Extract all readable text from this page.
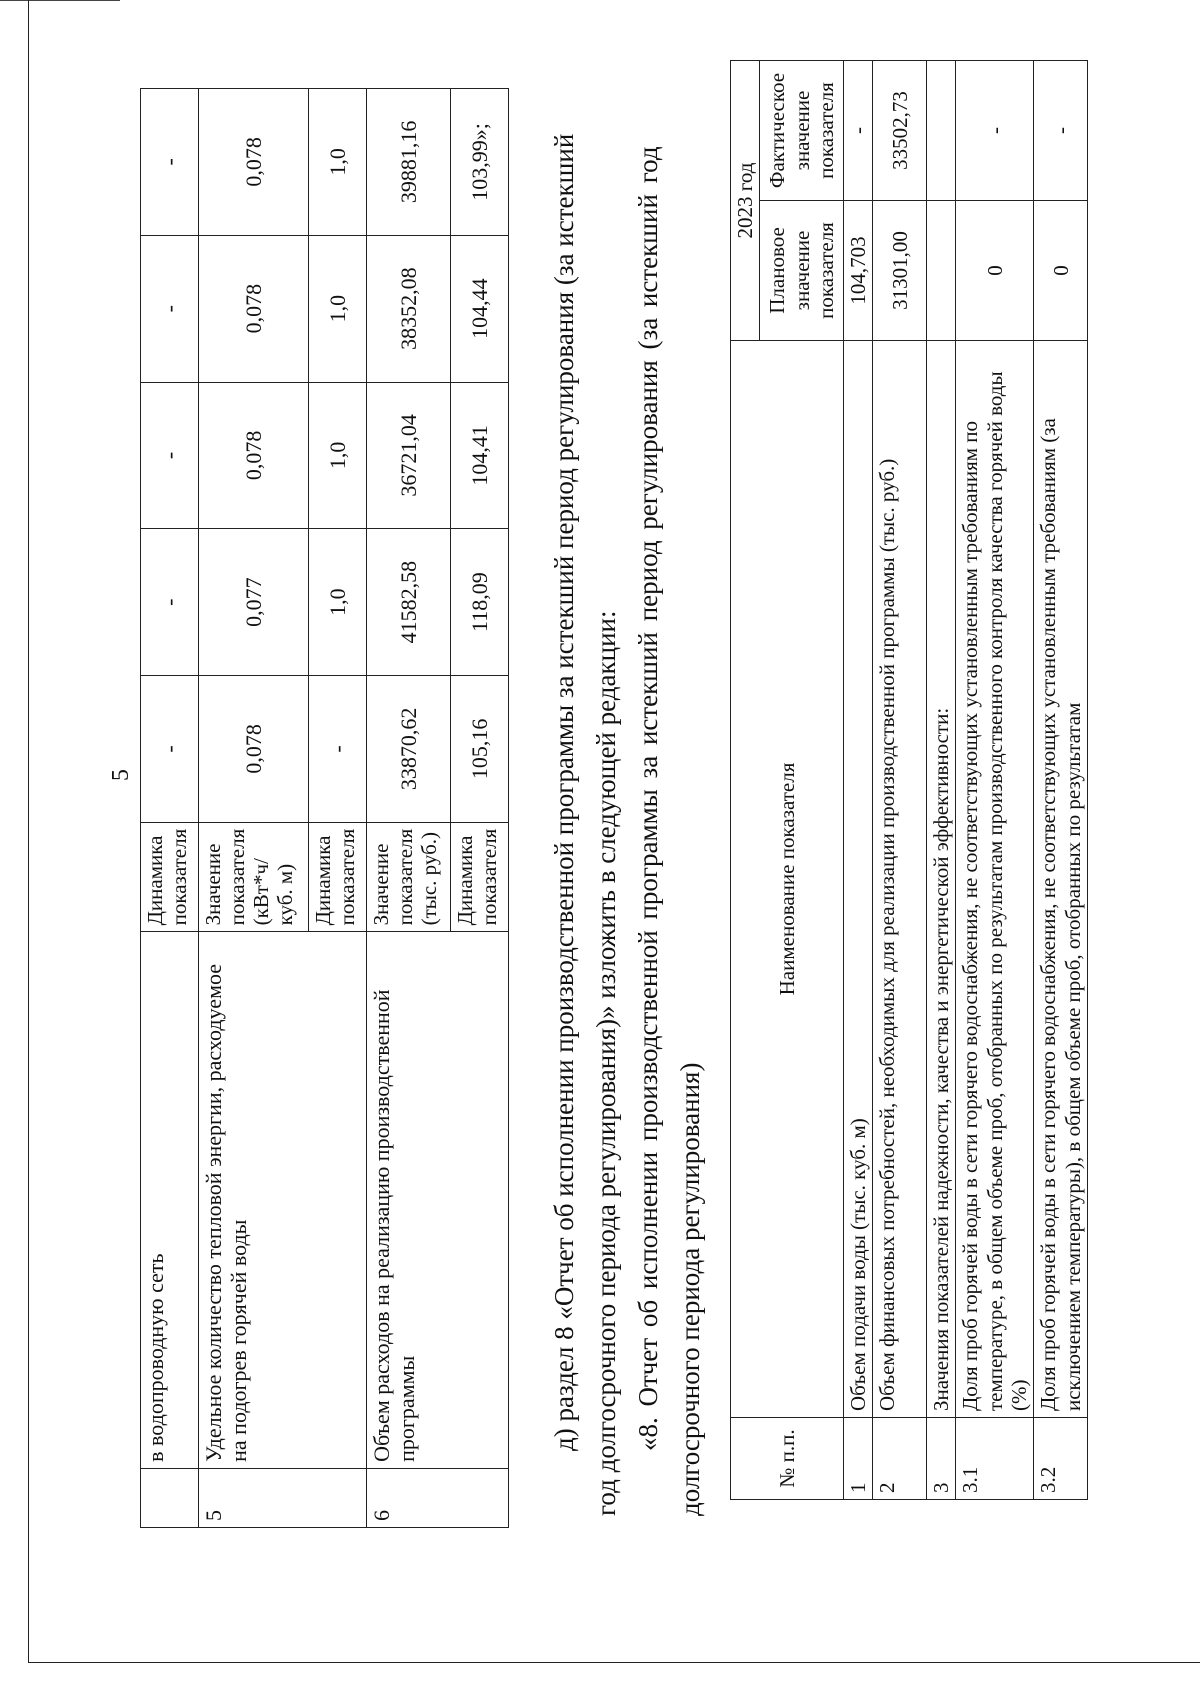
5
	в водопроводную сеть	Динамика показателя	-	-	-	-	-
5	Удельное количество тепловой энергии, расходуемое на подогрев горячей воды	Значение показателя (кВт*ч/куб. м)	0,078	0,077	0,078	0,078	0,078
		Динамика показателя	-	1,0	1,0	1,0	1,0
6	Объем расходов на реализацию производственной программы	Значение показателя (тыс. руб.)	33870,62	41582,58	36721,04	38352,08	39881,16
		Динамика показателя	105,16	118,09	104,41	104,44	103,99»; д) раздел 8 «Отчет об исполнении производственной программы за истекший период регулирования (за истекший год долгосрочного периода регулирования)» изложить в следующей редакции: «8. Отчет об исполнении производственной программы за истекший период регулирования (за истекший год долгосрочного периода регулирования)	№ п.п.	Наименование показателя	2023 год	
		Плановое значение показателя	Фактическое значение показателя
1	Объем подачи воды (тыс. куб. м)	104,703	-
2	Объем финансовых потребностей, необходимых для реализации производственной программы (тыс. руб.)	31301,00	33502,73
3	Значения показателей надежности, качества и энергетической эффективности:		
3.1	Доля проб горячей воды в сети горячего водоснабжения, не соответствующих установленным требованиям по температуре, в общем объеме проб, отобранных по результатам производственного контроля качества горячей воды (%)	0	-
3.2	Доля проб горячей воды в сети горячего водоснабжения, не соответствующих установленным требованиям (за исключением температуры), в общем объеме проб, отобранных по результатам	0	-
